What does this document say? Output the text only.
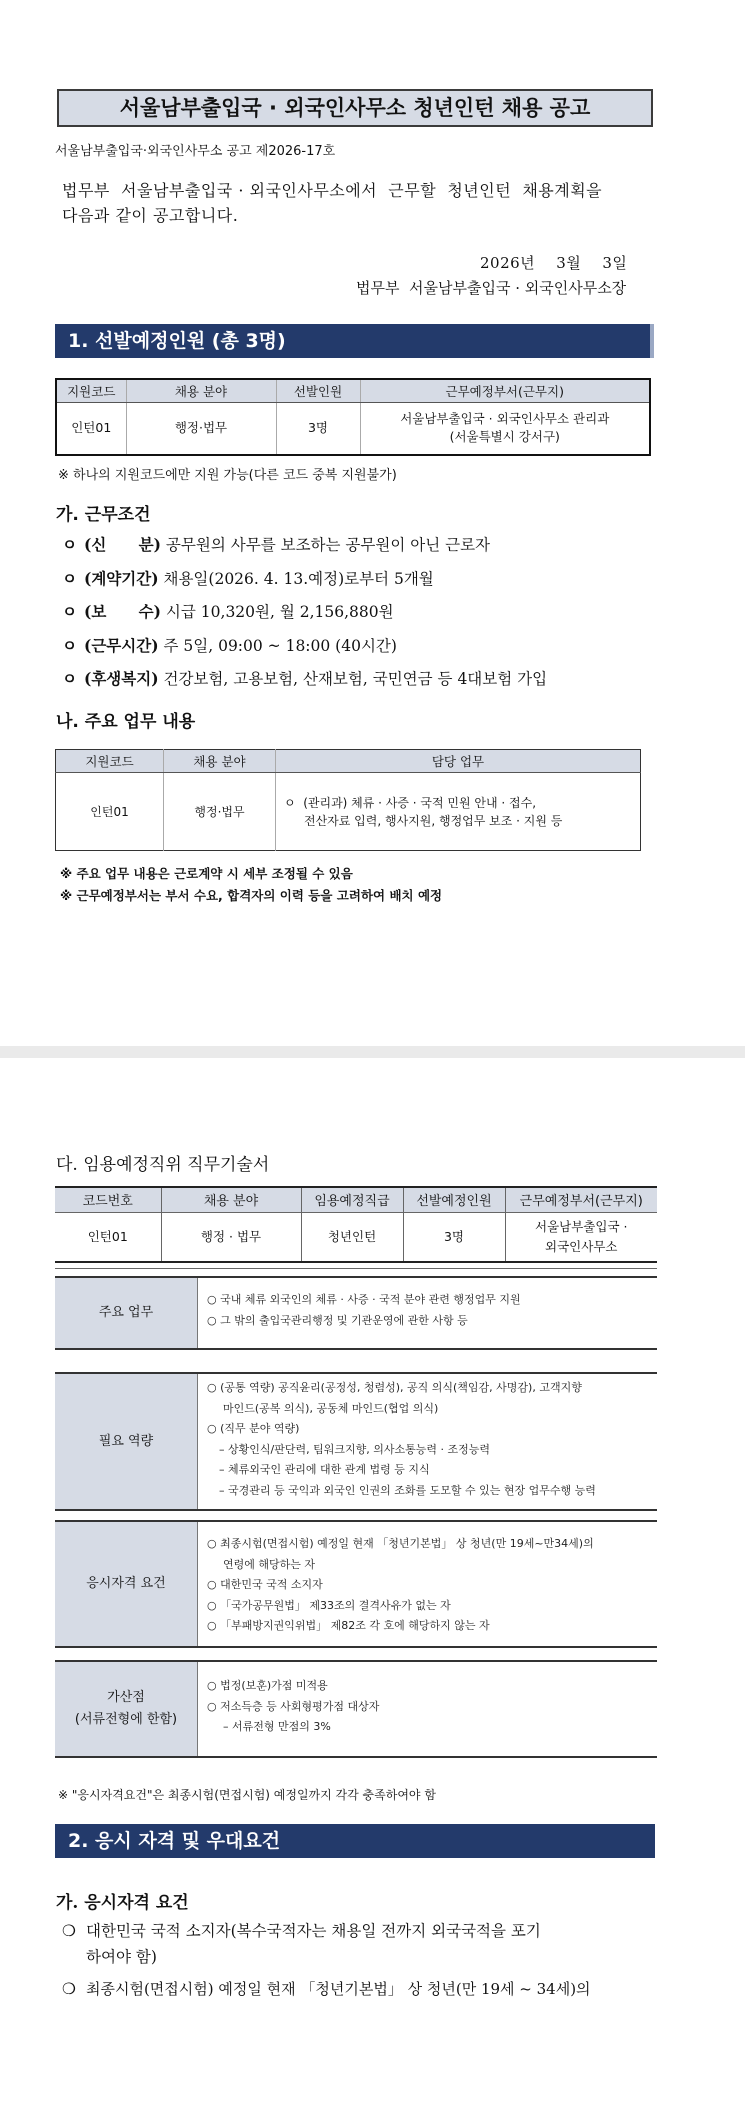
서울남부출입국 · 외국인사무소 청년인턴 채용 공고
서울남부출입국·외국인사무소 공고 제2026-17호
법무부  서울남부출입국 · 외국인사무소에서  근무할  청년인턴  채용계획을
다음과 같이 공고합니다.
2026년    3월    3일
법무부  서울남부출입국 · 외국인사무소장
1. 선발예정인원 (총 3명)
지원코드	채용 분야	선발인원	근무예정부서(근무지)
인턴01	행정·법무	3명	서울남부출입국 · 외국인사무소 관리과
(서울특별시 강서구)
※ 하나의 지원코드에만 지원 가능(다른 코드 중복 지원불가)
가. 근무조건
ㅇ (신      분) 공무원의 사무를 보조하는 공무원이 아닌 근로자
ㅇ (계약기간) 채용일(2026. 4. 13.예정)로부터 5개월
ㅇ (보      수) 시급 10,320원, 월 2,156,880원
ㅇ (근무시간) 주 5일, 09:00 ~ 18:00 (40시간)
ㅇ (후생복지) 건강보험, 고용보험, 산재보험, 국민연금 등 4대보험 가입
나. 주요 업무 내용
지원코드	채용 분야	담당 업무
인턴01	행정·법무	ㅇ  (관리과) 체류 · 사증 · 국적 민원 안내 · 접수,
전산자료 입력, 행사지원, 행정업무 보조 · 지원 등
※ 주요 업무 내용은 근로계약 시 세부 조정될 수 있음
※ 근무예정부서는 부서 수요, 합격자의 이력 등을 고려하여 배치 예정
다. 임용예정직위 직무기술서
코드번호	채용 분야	임용예정직급	선발예정인원	근무예정부서(근무지)
인턴01	행정 · 법무	청년인턴	3명	서울남부출입국 ·
외국인사무소
주요 업무
○ 국내 체류 외국인의 체류 · 사증 · 국적 분야 관련 행정업무 지원
○ 그 밖의 출입국관리행정 및 기관운영에 관한 사항 등
필요 역량
○ (공통 역량) 공직윤리(공정성, 청렴성), 공직 의식(책임감, 사명감), 고객지향
마인드(공복 의식), 공동체 마인드(협업 의식)
○ (직무 분야 역량)
– 상황인식/판단력, 팀워크지향, 의사소통능력 · 조정능력
– 체류외국인 관리에 대한 관계 법령 등 지식
– 국경관리 등 국익과 외국인 인권의 조화를 도모할 수 있는 현장 업무수행 능력
응시자격 요건
○ 최종시험(면접시험) 예정일 현재 「청년기본법」 상 청년(만 19세~만34세)의
연령에 해당하는 자
○ 대한민국 국적 소지자
○ 「국가공무원법」 제33조의 결격사유가 없는 자
○ 「부패방지권익위법」 제82조 각 호에 해당하지 않는 자
가산점
(서류전형에 한함)
○ 법정(보훈)가점 미적용
○ 저소득층 등 사회형평가점 대상자
– 서류전형 만점의 3%
※ "응시자격요건"은 최종시험(면접시험) 예정일까지 각각 충족하여야 함
2. 응시 자격 및 우대요건
가. 응시자격 요건
❍ 대한민국 국적 소지자(복수국적자는 채용일 전까지 외국국적을 포기
하여야 함)
❍ 최종시험(면접시험) 예정일 현재 「청년기본법」 상 청년(만 19세 ~ 34세)의
